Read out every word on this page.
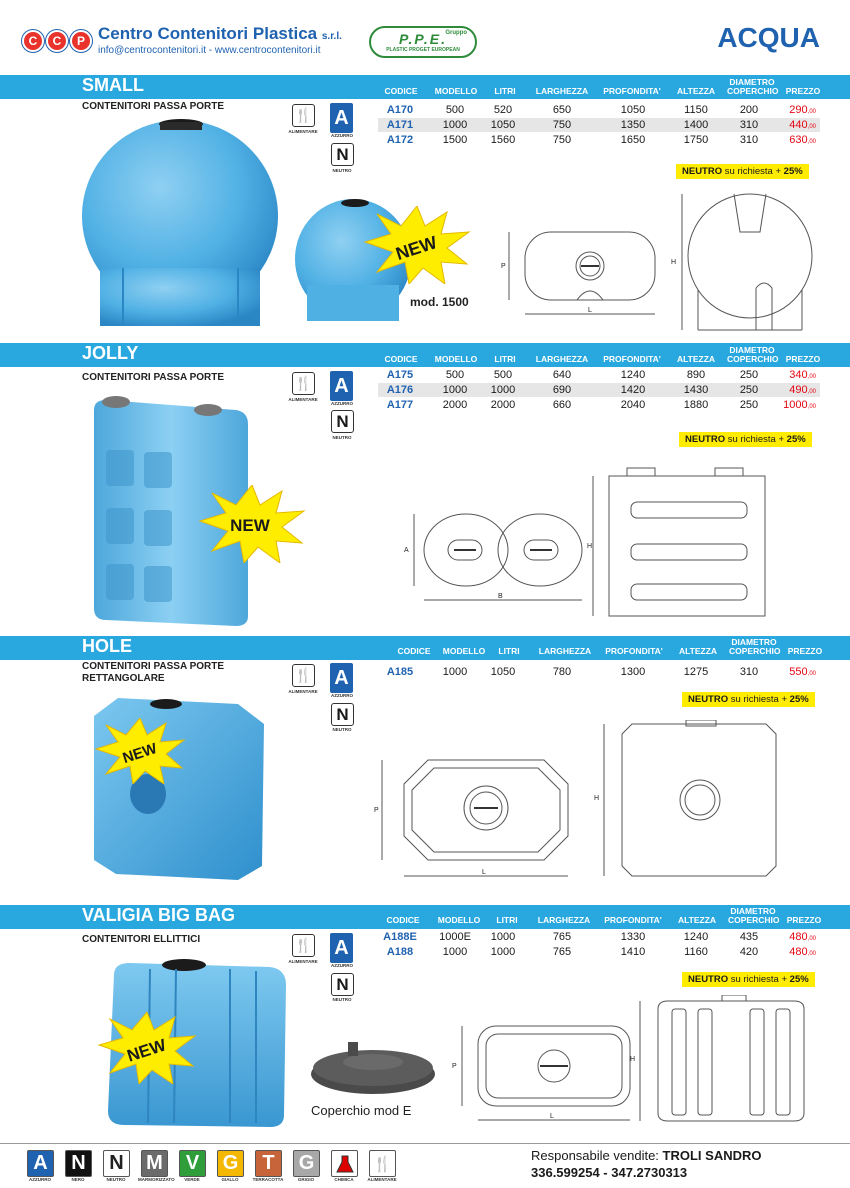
C	C	P Centro Contenitori Plastica s.r.l.
info@centrocontenitori.it - www.centrocontenitori.it
Gruppo
P.P.E.
PLASTIC PROGET EUROPEAN	ACQUA
SMALL
CONTENITORI PASSA PORTE
CODICE	MODELLO	LITRI	LARGHEZZA	PROFONDITA'	ALTEZZA
DIAMETRO
COPERCHIO PREZZO
A170	500	520	650	1050	1150	200	290,00
A171	1000	1050	750	1350	1400	310	440,00
A172	1500	1560	750	1650	1750	310	630,00
🍴
ALIMENTARE
A
AZZURRO
N
NEUTRO	NEUTRO su richiesta + 25%
NEW
mod. 1500
P
L
H
JOLLY
CONTENITORI PASSA PORTE
CODICE	MODELLO	LITRI	LARGHEZZA	PROFONDITA'	ALTEZZA
DIAMETRO
COPERCHIO PREZZO
A175	500	500	640	1240	890	250	340,00
A176	1000	1000	690	1420	1430	250	490,00
A177	2000	2000	660	2040	1880	250	1000,00
🍴
ALIMENTARE
A
AZZURRO
N
NEUTRO	NEUTRO su richiesta + 25%
NEW
A
B
H
HOLE
CONTENITORI PASSA PORTE
RETTANGOLARE
CODICE	MODELLO	LITRI	LARGHEZZA	PROFONDITA'	ALTEZZA
DIAMETRO
COPERCHIO PREZZO
A185	1000	1050	780	1300	1275	310	550,00
🍴
ALIMENTARE
A
AZZURRO
N
NEUTRO
NEUTRO su richiesta + 25%
NEW
P
L
H
VALIGIA BIG BAG
CONTENITORI ELLITTICI
CODICE	MODELLO	LITRI	LARGHEZZA	PROFONDITA'	ALTEZZA
DIAMETRO
COPERCHIO PREZZO
A188E	1000E	1000	765	1330	1240	435	480,00
A188	1000	1000	765	1410	1160	420	480,00
🍴
ALIMENTARE
A
AZZURRO
N
NEUTRO
NEUTRO su richiesta + 25%
NEW
Coperchio mod E
P
L
H
A
AZZURRO
N
NERO
N
NEUTRO
M
MARMORIZZATO
V
VERDE
G
GIALLO
T
TERRACOTTA
G
GRIGIO	CHIMICA
🍴
ALIMENTARE
Responsabile vendite: TROLI SANDRO
336.599254 - 347.2730313
